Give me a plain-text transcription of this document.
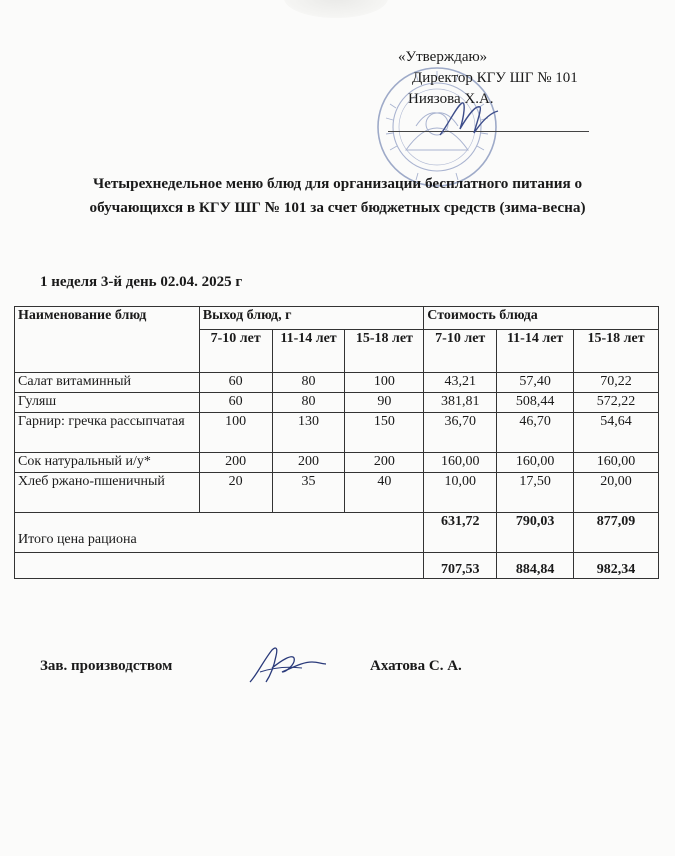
«Утверждаю»
Директор КГУ ШГ № 101
Ниязова Х.А.
Четырехнедельное меню блюд для организации бесплатного питания о
обучающихся в КГУ ШГ № 101 за счет бюджетных средств (зима-весна)
1 неделя 3-й день 02.04. 2025 г
Наименование блюд	Выход блюд, г			Стоимость блюда		
	7-10 лет	11-14 лет	15-18 лет	7-10 лет	11-14 лет	15-18 лет
Салат витаминный	60	80	100	43,21	57,40	70,22
Гуляш	60	80	90	381,81	508,44	572,22
Гарнир: гречка рассыпчатая	100	130	150	36,70	46,70	54,64
Сок натуральный и/у*	200	200	200	160,00	160,00	160,00
Хлеб ржано-пшеничный	20	35	40	10,00	17,50	20,00
Итого цена рациона				631,72	790,03	877,09
				707,53	884,84	982,34
Зав. производством	Ахатова С. А.
